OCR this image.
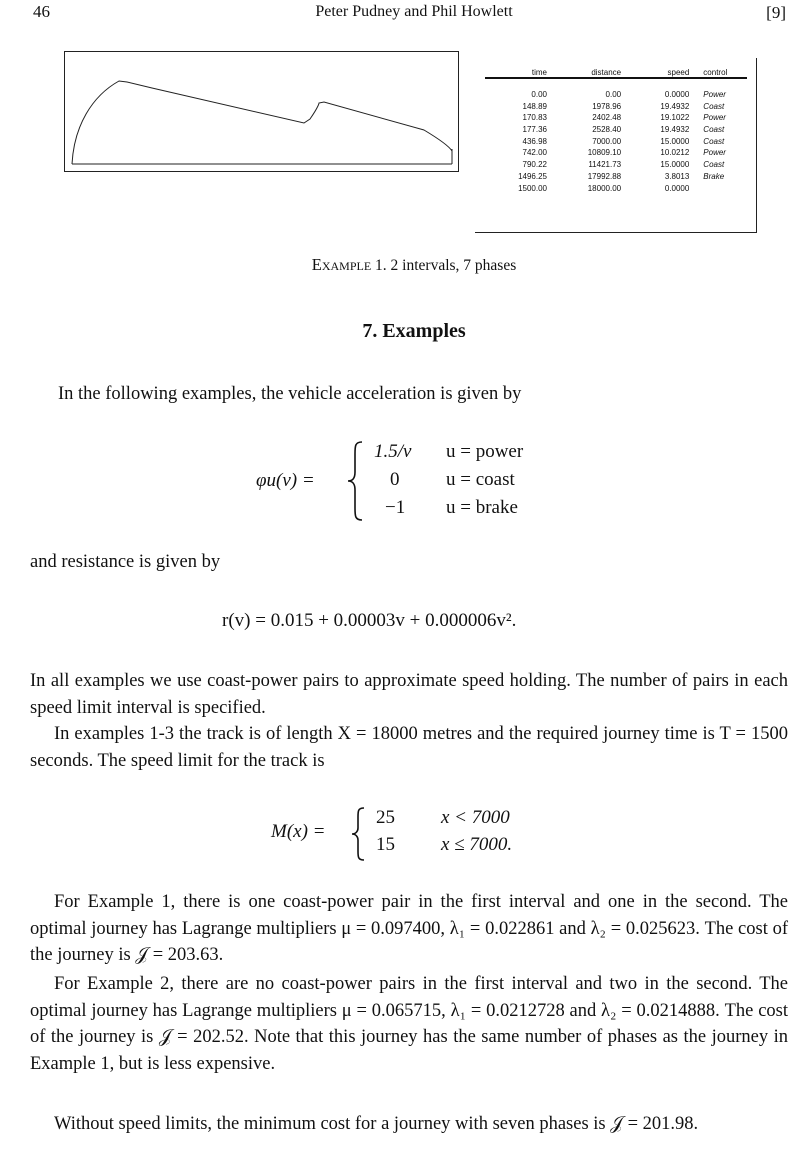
46	Peter Pudney and Phil Howlett	[9]
time	distance	speed	control
0.00	0.00	0.0000	Power
148.89	1978.96	19.4932	Coast
170.83	2402.48	19.1022	Power
177.36	2528.40	19.4932	Coast
436.98	7000.00	15.0000	Coast
742.00	10809.10	10.0212	Power
790.22	11421.73	15.0000	Coast
1496.25	17992.88	3.8013	Brake
1500.00	18000.00	0.0000	
Example 1. 2 intervals, 7 phases
7. Examples
In the following examples, the vehicle acceleration is given by
φu(v) =
1.5/v u = power
0 u = coast
−1 u = brake
and resistance is given by
r(v) = 0.015 + 0.00003v + 0.000006v².
In all examples we use coast-power pairs to approximate speed holding. The number of pairs in each speed limit interval is specified.
In examples 1-3 the track is of length X = 18000 metres and the required journey time is T = 1500 seconds. The speed limit for the track is
M(x) =
25 x < 7000
15 x ≤ 7000.
For Example 1, there is one coast-power pair in the first interval and one in the second. The optimal journey has Lagrange multipliers μ = 0.097400, λ₁ = 0.022861 and λ₂ = 0.025623. The cost of the journey is 𝒥 = 203.63.
For Example 2, there are no coast-power pairs in the first interval and two in the second. The optimal journey has Lagrange multipliers μ = 0.065715, λ₁ = 0.0212728 and λ₂ = 0.0214888. The cost of the journey is 𝒥 = 202.52. Note that this journey has the same number of phases as the journey in Example 1, but is less expensive.
Without speed limits, the minimum cost for a journey with seven phases is 𝒥 = 201.98.
